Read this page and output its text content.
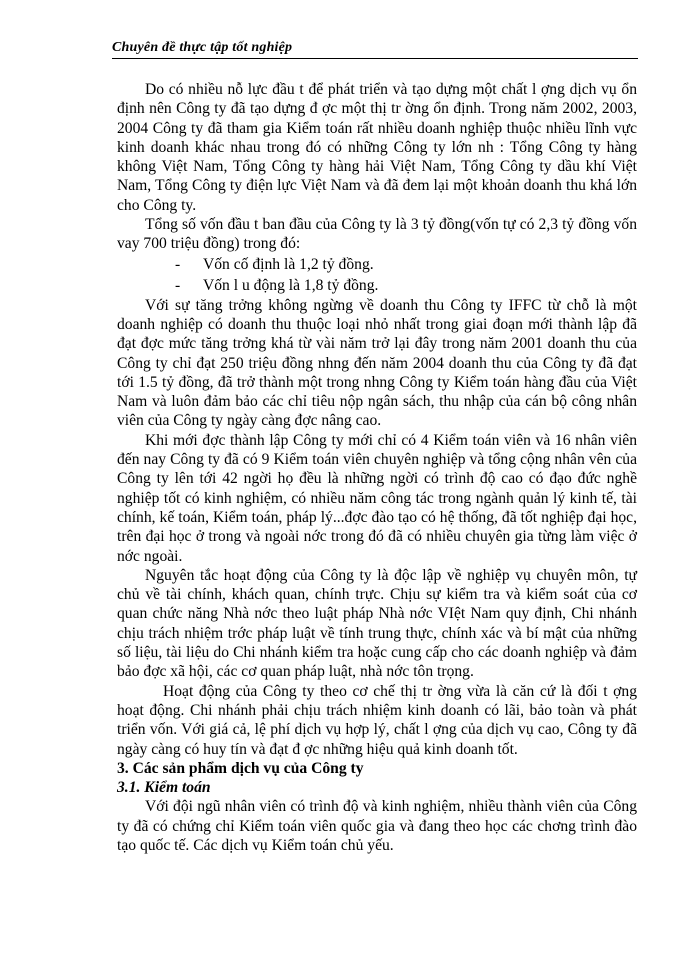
Chuyên đề thực tập tốt nghiệp

Do có nhiều nỗ lực đầu t để phát triển và tạo dựng một chất l ợng dịch vụ ổn định nên Công ty đã tạo dựng đ ợc một thị tr ờng ổn định. Trong năm 2002, 2003, 2004 Công ty đã tham gia Kiểm toán rất nhiều doanh nghiệp thuộc nhiều lĩnh vực kinh doanh khác nhau trong đó có những Công ty lớn nh : Tổng Công ty hàng không Việt Nam, Tổng Công ty hàng hải Việt Nam, Tổng Công ty dầu khí Việt Nam, Tổng Công ty điện lực Việt Nam và đã đem lại một khoản doanh thu khá lớn cho Công ty.

Tổng số vốn đầu t ban đầu của Công ty là 3 tỷ đồng(vốn tự có 2,3 tỷ đồng vốn vay 700 triệu đồng) trong đó:

-	Vốn cố định là 1,2 tỷ đồng.
-	Vốn l u động là 1,8 tỷ đồng.

Với sự tăng trởng không ngừng về doanh thu Công ty IFFC từ chỗ là một doanh nghiệp có doanh thu thuộc loại nhỏ nhất trong giai đoạn mới thành lập đã đạt đợc mức tăng trởng khá từ vài năm trở lại đây trong năm 2001 doanh thu của Công ty chỉ đạt 250 triệu đồng nhng đến năm 2004 doanh thu của Công ty đã đạt tới 1.5 tỷ đồng, đã trở thành một trong nhng Công ty Kiểm toán hàng đầu của Việt Nam và luôn đảm bảo các chỉ tiêu nộp ngân sách, thu nhập của cán bộ công nhân viên của Công ty ngày càng đợc nâng cao.

Khi mới đợc thành lập Công ty mới chỉ có 4 Kiểm toán viên và 16 nhân viên đến nay Công ty đã có 9 Kiểm toán viên chuyên nghiệp và tổng cộng nhân vên của Công ty lên tới 42 ngời họ đều là những ngời có trình độ cao có đạo đức nghề nghiệp tốt có kinh nghiệm, có nhiều năm công tác trong ngành quản lý kinh tế, tài chính, kế toán, Kiểm toán, pháp lý...đợc đào tạo có hệ thống, đã tốt nghiệp đại học, trên đại học ở trong và ngoài nớc trong đó đã có nhiều chuyên gia từng làm việc ở nớc ngoài.

Nguyên tắc hoạt động của Công ty là độc lập về nghiệp vụ chuyên môn, tự chủ về tài chính, khách quan, chính trực. Chịu sự kiểm tra và kiểm soát của cơ quan chức năng Nhà nớc theo luật pháp Nhà nớc VIệt Nam quy định, Chi nhánh chịu trách nhiệm trớc pháp luật về tính trung thực, chính xác và bí mật của những số liệu, tài liệu do Chi nhánh kiểm tra hoặc cung cấp cho các doanh nghiệp và đảm bảo đợc xã hội, các cơ quan pháp luật, nhà nớc tôn trọng.

Hoạt động của Công ty theo cơ chế thị tr ờng vừa là căn cứ là đối t ợng hoạt động. Chi nhánh phải chịu trách nhiệm kinh doanh có lãi, bảo toàn và phát triển vốn. Với giá cả, lệ phí dịch vụ hợp lý, chất l ợng của dịch vụ cao, Công ty đã ngày càng có huy tín và đạt đ ợc những hiệu quả kinh doanh tốt.

3. Các sản phẩm dịch vụ của Công ty

3.1. Kiểm toán

Với đội ngũ nhân viên có trình độ và kinh nghiệm, nhiều thành viên của Công ty đã có chứng chỉ Kiểm toán viên quốc gia và đang theo học các chơng trình đào tạo quốc tế. Các dịch vụ Kiểm toán chủ yếu.
